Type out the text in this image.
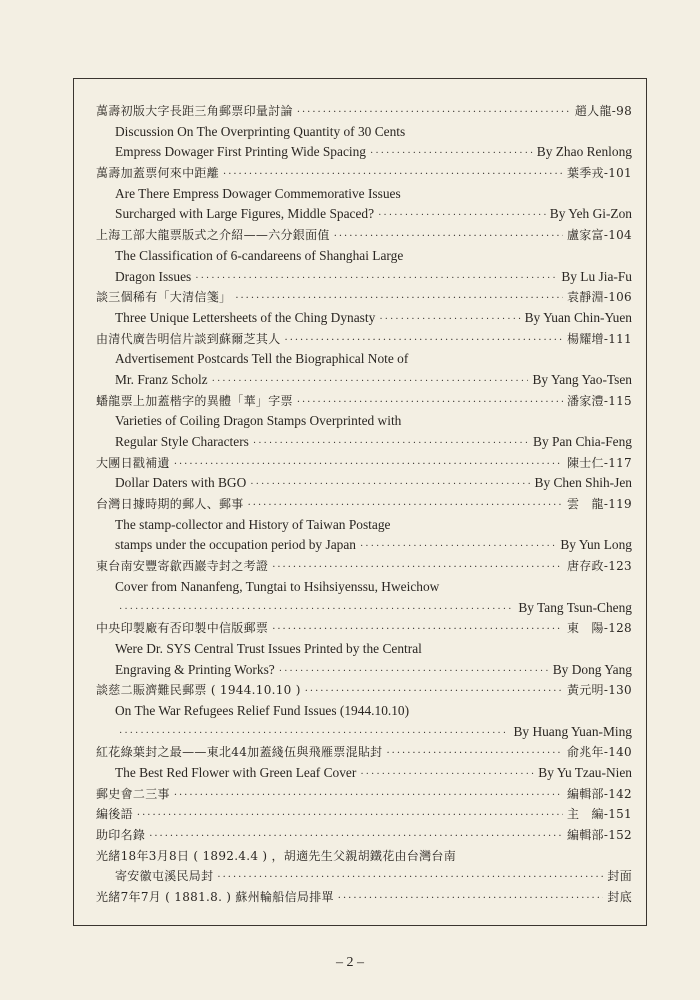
萬壽初版大字長距三角郵票印量討論 ·····	趙人龍-98
Discussion On The Overprinting Quantity of 30 Cents
Empress Dowager First Printing Wide Spacing ·····	By Zhao Renlong
萬壽加蓋票何來中距離 ·····	葉季戎-101
Are There Empress Dowager Commemorative Issues
Surcharged with Large Figures, Middle Spaced? ·····	By Yeh Gi-Zon
上海工部大龍票版式之介紹——六分銀面值 ·····	盧家富-104
The Classification of 6-candareens of Shanghai Large
Dragon Issues ·····	By Lu Jia-Fu
談三個稀有「大清信箋」 ·····	袁靜淵-106
Three Unique Lettersheets of the Ching Dynasty ·····	By Yuan Chin-Yuen
由清代廣告明信片談到蘇爾芝其人 ·····	楊耀增-111
Advertisement Postcards Tell the Biographical Note of
Mr. Franz Scholz ·····	By Yang Yao-Tsen
蟠龍票上加蓋楷字的異體「華」字票 ·····	潘家澧-115
Varieties of Coiling Dragon Stamps Overprinted with
Regular Style Characters ·····	By Pan Chia-Feng
大團日戳補遺 ·····	陳士仁-117
Dollar Daters with BGO ·····	By Chen Shih-Jen
台灣日據時期的郵人、郵事 ·····	雲　龍-119
The stamp-collector and History of Taiwan Postage
stamps under the occupation period by Japan ·····	By Yun Long
東台南安豐寄歙西巖寺封之考證 ·····	唐存政-123
Cover from Nananfeng, Tungtai to Hsihsiyenssu, Hweichow
·····
By Tang Tsun-Cheng
中央印製廠有否印製中信版郵票 ·····	東　陽-128
Were Dr. SYS Central Trust Issues Printed by the Central
Engraving & Printing Works? ·····	By Dong Yang
談慈二賑濟難民郵票 ( 1944.10.10 ) ·····	黃元明-130
On The War Refugees Relief Fund Issues (1944.10.10)
·····
By Huang Yuan-Ming
紅花綠葉封之最——東北44加蓋綫伍與飛雁票混貼封 ·····	俞兆年-140
The Best Red Flower with Green Leaf Cover ·····	By Yu Tzau-Nien
郵史會二三事 ·····	編輯部-142
編後語 ·····	主　編-151
助印名錄 ·····	編輯部-152
光緒18年3月8日 ( 1892.4.4 ) ，胡適先生父親胡鐵花由台灣台南
寄安徽屯溪民局封 ·····	封面
光緒7年7月 ( 1881.8. ) 蘇州輪船信局排單 ·····	封底
– 2 –
